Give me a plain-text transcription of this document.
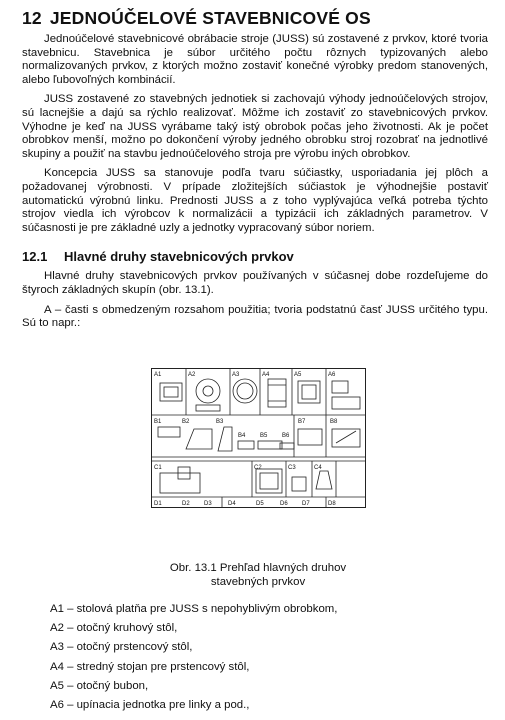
12 JEDNOÚČELOVÉ STAVEBNICOVÉ OS

Jednoúčelové stavebnicové obrábacie stroje (JUSS) sú zostavené z prvkov, ktoré tvoria stavebnicu. Stavebnica je súbor určitého počtu rôznych typizovaných alebo normalizovaných prvkov, z ktorých možno zostaviť konečné výrobky predom stanovených, alebo ľubovoľných kombinácií.

JUSS zostavené zo stavebných jednotiek si zachovajú výhody jednoúčelových strojov, sú lacnejšie a dajú sa rýchlo realizovať. Môžme ich zostaviť zo stavebnicových prvkov. Výhodne je keď na JUSS vyrábame taký istý obrobok počas jeho životnosti. Ak je počet obrobkov menší, možno po dokončení výroby jedného obrobku stroj rozobrať na jednotlivé skupiny a použiť na stavbu jednoúčelového stroja pre výrobu iných obrobkov.

Koncepcia JUSS sa stanovuje podľa tvaru súčiastky, usporiadania jej plôch a požadovanej výrobnosti. V prípade zložitejších súčiastok je výhodnejšie postaviť automatickú výrobnú linku. Prednosti JUSS a z toho vyplývajúca veľká potreba týchto strojov viedla ich výrobcov k normalizácii a typizácii ich základných parametrov. V súčasnosti je pre základné uzly a jednotky vypracovaný súbor noriem.

12.1 Hlavné druhy stavebnicových prvkov

Hlavné druhy stavebnicových prvkov používaných v súčasnej dobe rozdeľujeme do štyroch základných skupín (obr. 13.1).

A – časti s obmedzeným rozsahom použitia; tvoria podstatnú časť JUSS určitého typu. Sú to napr.:

A1	A2	A3	A4	A5	A6
B1	B2	B3
B4 B5 B6
B7	B8
C1	C2	C3	C4
D1	D2 D3	D4	D5	D6 D7	D8
Obr. 13.1 Prehľad hlavných druhov
stavebných prvkov
A1 – stolová platňa pre JUSS s nepohyblivým obrobkom,
A2 – otočný kruhový stôl,
A3 – otočný prstencový stôl,
A4 – stredný stojan pre prstencový stôl,
A5 – otočný bubon,
A6 – upínacia jednotka pre linky a pod.,
